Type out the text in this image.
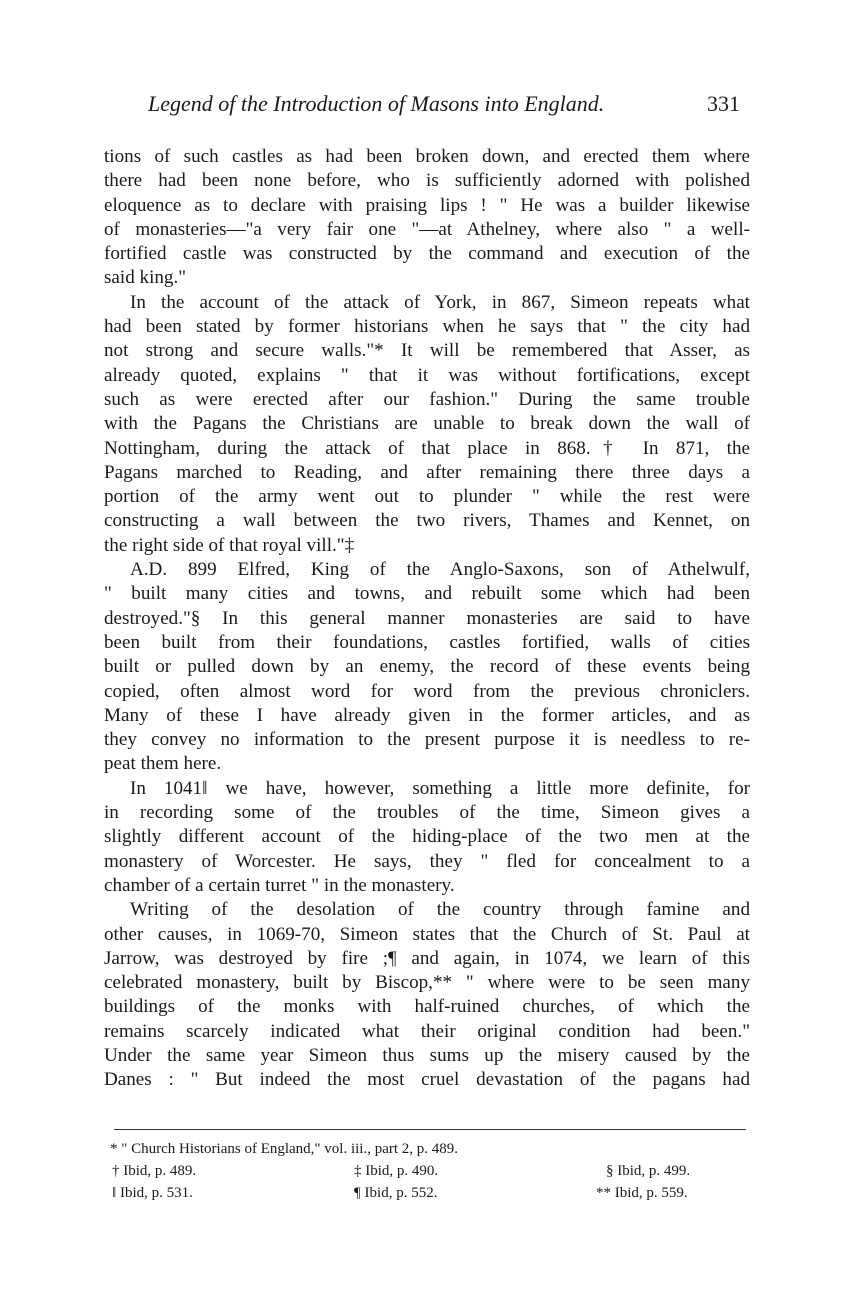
Legend of the Introduction of Masons into England.	331
tions of such castles as had been broken down, and erected them where
there had been none before, who is sufficiently adorned with polished
eloquence as to declare with praising lips ! " He was a builder likewise
of monasteries—"a very fair one "—at Athelney, where also " a well-
fortified castle was constructed by the command and execution of the
said king."
In the account of the attack of York, in 867, Simeon repeats what
had been stated by former historians when he says that " the city had
not strong and secure walls."* It will be remembered that Asser, as
already quoted, explains " that it was without fortifications, except
such as were erected after our fashion." During the same trouble
with the Pagans the Christians are unable to break down the wall of
Nottingham, during the attack of that place in 868.† In 871, the
Pagans marched to Reading, and after remaining there three days a
portion of the army went out to plunder " while the rest were
constructing a wall between the two rivers, Thames and Kennet, on
the right side of that royal vill."‡
A.D. 899 Elfred, King of the Anglo-Saxons, son of Athelwulf,
" built many cities and towns, and rebuilt some which had been
destroyed."§ In this general manner monasteries are said to have
been built from their foundations, castles fortified, walls of cities
built or pulled down by an enemy, the record of these events being
copied, often almost word for word from the previous chroniclers.
Many of these I have already given in the former articles, and as
they convey no information to the present purpose it is needless to re-
peat them here.
In 1041‖ we have, however, something a little more definite, for
in recording some of the troubles of the time, Simeon gives a
slightly different account of the hiding-place of the two men at the
monastery of Worcester. He says, they " fled for concealment to a
chamber of a certain turret " in the monastery.
Writing of the desolation of the country through famine and
other causes, in 1069-70, Simeon states that the Church of St. Paul at
Jarrow, was destroyed by fire ;¶ and again, in 1074, we learn of this
celebrated monastery, built by Biscop,** " where were to be seen many
buildings of the monks with half-ruined churches, of which the
remains scarcely indicated what their original condition had been."
Under the same year Simeon thus sums up the misery caused by the
Danes : " But indeed the most cruel devastation of the pagans had
* " Church Historians of England," vol. iii., part 2, p. 489.
† Ibid, p. 489.	‡ Ibid, p. 490.	§ Ibid, p. 499.
‖ Ibid, p. 531.	¶ Ibid, p. 552.	** Ibid, p. 559.
